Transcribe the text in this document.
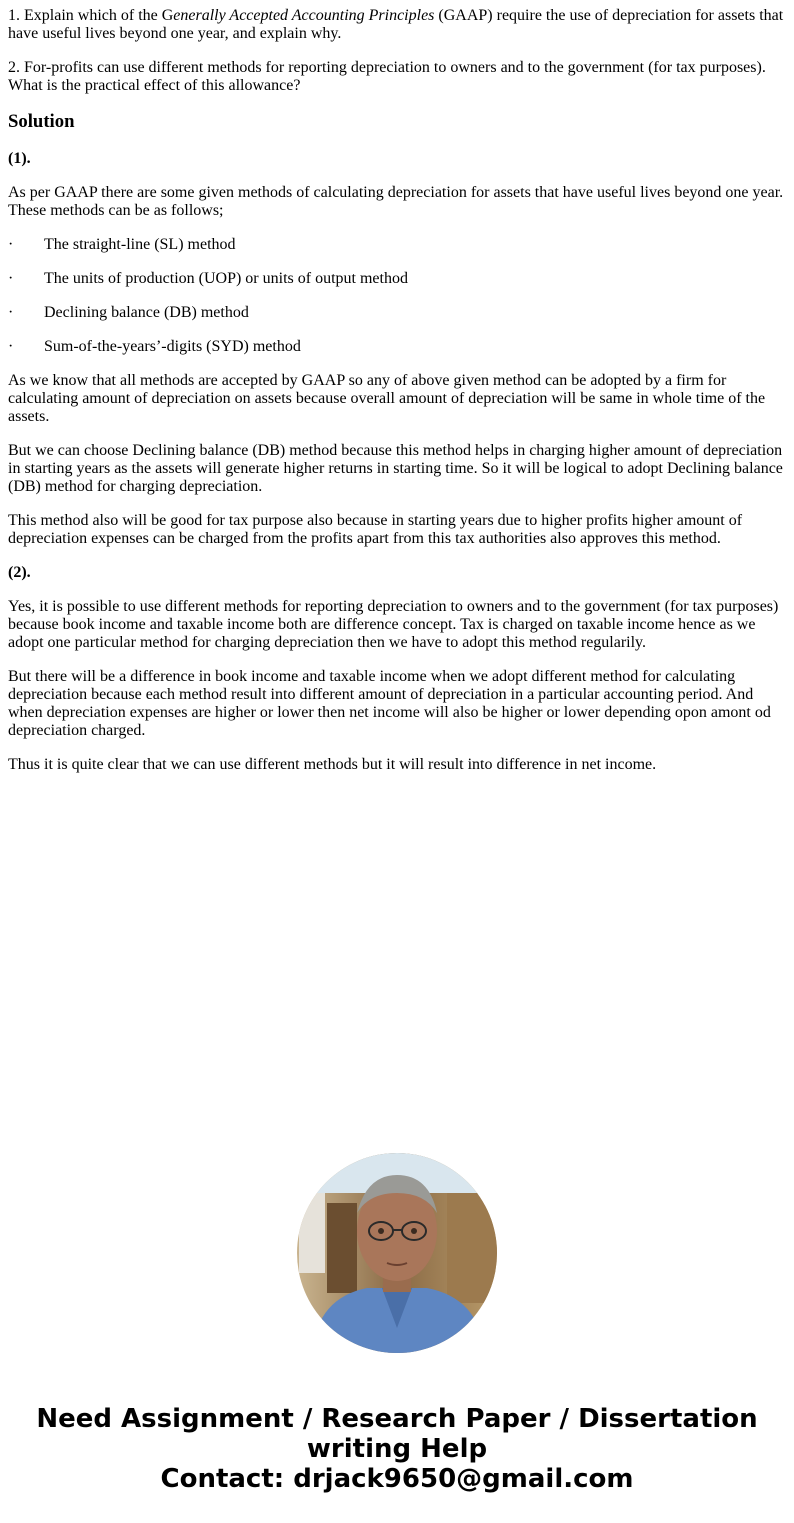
1. Explain which of the Generally Accepted Accounting Principles (GAAP) require the use of depreciation for assets that have useful lives beyond one year, and explain why.

2. For-profits can use different methods for reporting depreciation to owners and to the government (for tax purposes). What is the practical effect of this allowance?

Solution

(1).

As per GAAP there are some given methods of calculating depreciation for assets that have useful lives beyond one year. These methods can be as follows;

·	The straight-line (SL) method
·	The units of production (UOP) or units of output method
·	Declining balance (DB) method
·	Sum-of-the-years’-digits (SYD) method

As we know that all methods are accepted by GAAP so any of above given method can be adopted by a firm for calculating amount of depreciation on assets because overall amount of depreciation will be same in whole time of the assets.

But we can choose Declining balance (DB) method because this method helps in charging higher amount of depreciation in starting years as the assets will generate higher returns in starting time. So it will be logical to adopt Declining balance (DB) method for charging depreciation.

This method also will be good for tax purpose also because in starting years due to higher profits higher amount of depreciation expenses can be charged from the profits apart from this tax authorities also approves this method.

(2).

Yes, it is possible to use different methods for reporting depreciation to owners and to the government (for tax purposes) because book income and taxable income both are difference concept. Tax is charged on taxable income hence as we adopt one particular method for charging depreciation then we have to adopt this method regularily.

But there will be a difference in book income and taxable income when we adopt different method for calculating depreciation because each method result into different amount of depreciation in a particular accounting period. And when depreciation expenses are higher or lower then net income will also be higher or lower depending opon amont od depreciation charged.

Thus it is quite clear that we can use different methods but it will result into difference in net income.

Need Assignment / Research Paper / Dissertation
writing Help
Contact: drjack9650@gmail.com
